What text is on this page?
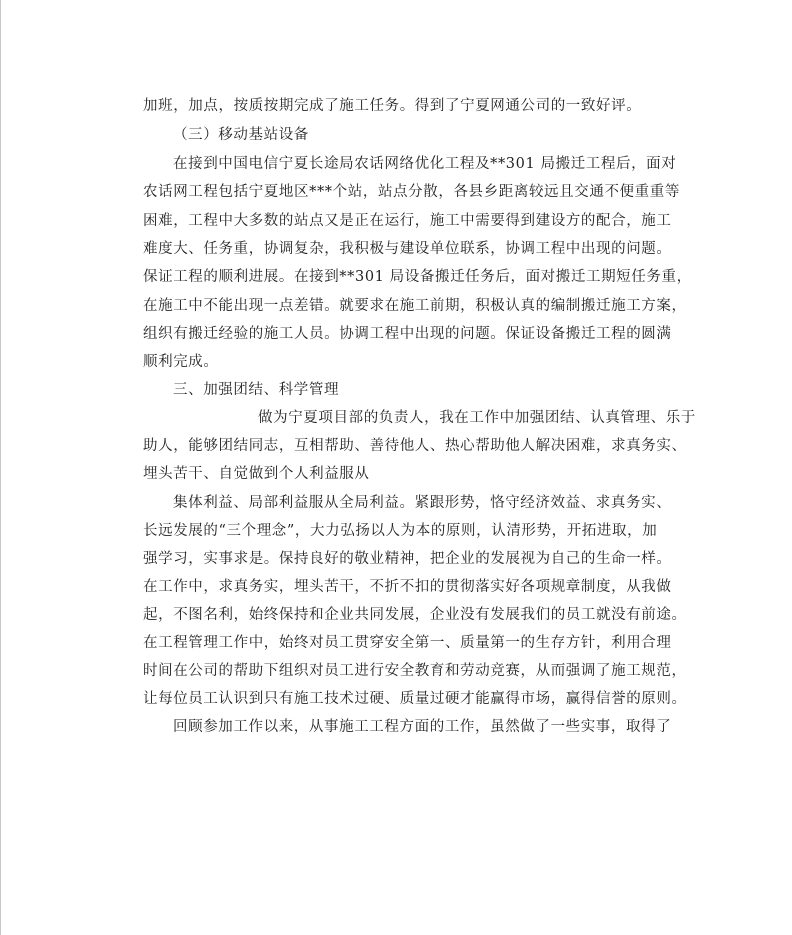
加班，加点，按质按期完成了施工任务。得到了宁夏网通公司的一致好评。
（三）移动基站设备
在接到中国电信宁夏长途局农话网络优化工程及**301 局搬迁工程后，面对
农话网工程包括宁夏地区***个站，站点分散，各县乡距离较远且交通不便重重等
困难，工程中大多数的站点又是正在运行，施工中需要得到建设方的配合，施工
难度大、任务重，协调复杂，我积极与建设单位联系，协调工程中出现的问题。
保证工程的顺利进展。在接到**301 局设备搬迁任务后，面对搬迁工期短任务重，
在施工中不能出现一点差错。就要求在施工前期，积极认真的编制搬迁施工方案，
组织有搬迁经验的施工人员。协调工程中出现的问题。保证设备搬迁工程的圆满
顺利完成。
三、加强团结、科学管理
做为宁夏项目部的负责人，我在工作中加强团结、认真管理、乐于
助人，能够团结同志，互相帮助、善待他人、热心帮助他人解决困难，求真务实、
埋头苦干、自觉做到个人利益服从
集体利益、局部利益服从全局利益。紧跟形势，恪守经济效益、求真务实、
长远发展的“三个理念”，大力弘扬以人为本的原则，认清形势，开拓进取，加
强学习，实事求是。保持良好的敬业精神，把企业的发展视为自己的生命一样。
在工作中，求真务实，埋头苦干，不折不扣的贯彻落实好各项规章制度，从我做
起，不图名利，始终保持和企业共同发展，企业没有发展我们的员工就没有前途。
在工程管理工作中，始终对员工贯穿安全第一、质量第一的生存方针，利用合理
时间在公司的帮助下组织对员工进行安全教育和劳动竞赛，从而强调了施工规范，
让每位员工认识到只有施工技术过硬、质量过硬才能赢得市场，赢得信誉的原则。
回顾参加工作以来，从事施工工程方面的工作，虽然做了一些实事，取得了
